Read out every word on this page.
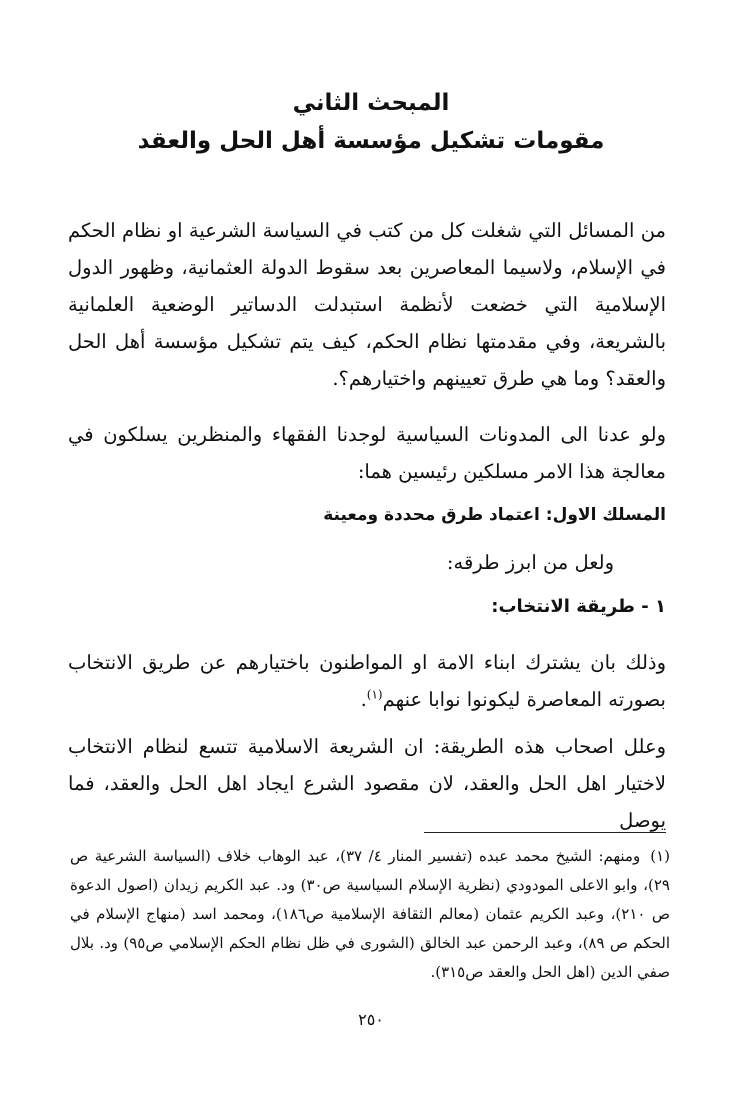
المبحث الثاني
مقومات تشكيل مؤسسة أهل الحل والعقد

من المسائل التي شغلت كل من كتب في السياسة الشرعية او نظام الحكم في الإسلام، ولاسيما المعاصرين بعد سقوط الدولة العثمانية، وظهور الدول الإسلامية التي خضعت لأنظمة استبدلت الدساتير الوضعية العلمانية بالشريعة، وفي مقدمتها نظام الحكم، كيف يتم تشكيل مؤسسة أهل الحل والعقد؟ وما هي طرق تعيينهم واختيارهم؟.

ولو عدنا الى المدونات السياسية لوجدنا الفقهاء والمنظرين يسلكون في معالجة هذا الامر مسلكين رئيسين هما:

المسلك الاول: اعتماد طرق محددة ومعينة

ولعل من ابرز طرقه:

١ - طريقة الانتخاب:

وذلك بان يشترك ابناء الامة او المواطنون باختيارهم عن طريق الانتخاب بصورته المعاصرة ليكونوا نوابا عنهم$^{(١)}$.

وعلل اصحاب هذه الطريقة: ان الشريعة الاسلامية تتسع لنظام الانتخاب لاختيار اهل الحل والعقد، لان مقصود الشرع ايجاد اهل الحل والعقد، فما يوصل

(١)ومنهم: الشيخ محمد عبده (تفسير المنار ٤/ ٣٧)، عبد الوهاب خلاف (السياسة الشرعية ص ٢٩)، وابو الاعلى المودودي (نظرية الإسلام السياسية ص٣٠) ود. عبد الكريم زيدان (اصول الدعوة ص ٢١٠)، وعبد الكريم عثمان (معالم الثقافة الإسلامية ص١٨٦)، ومحمد اسد (منهاج الإسلام في الحكم ص ٨٩)، وعبد الرحمن عبد الخالق (الشورى في ظل نظام الحكم الإسلامي ص٩٥) ود. بلال صفي الدين (اهل الحل والعقد ص٣١٥).
٢٥٠
